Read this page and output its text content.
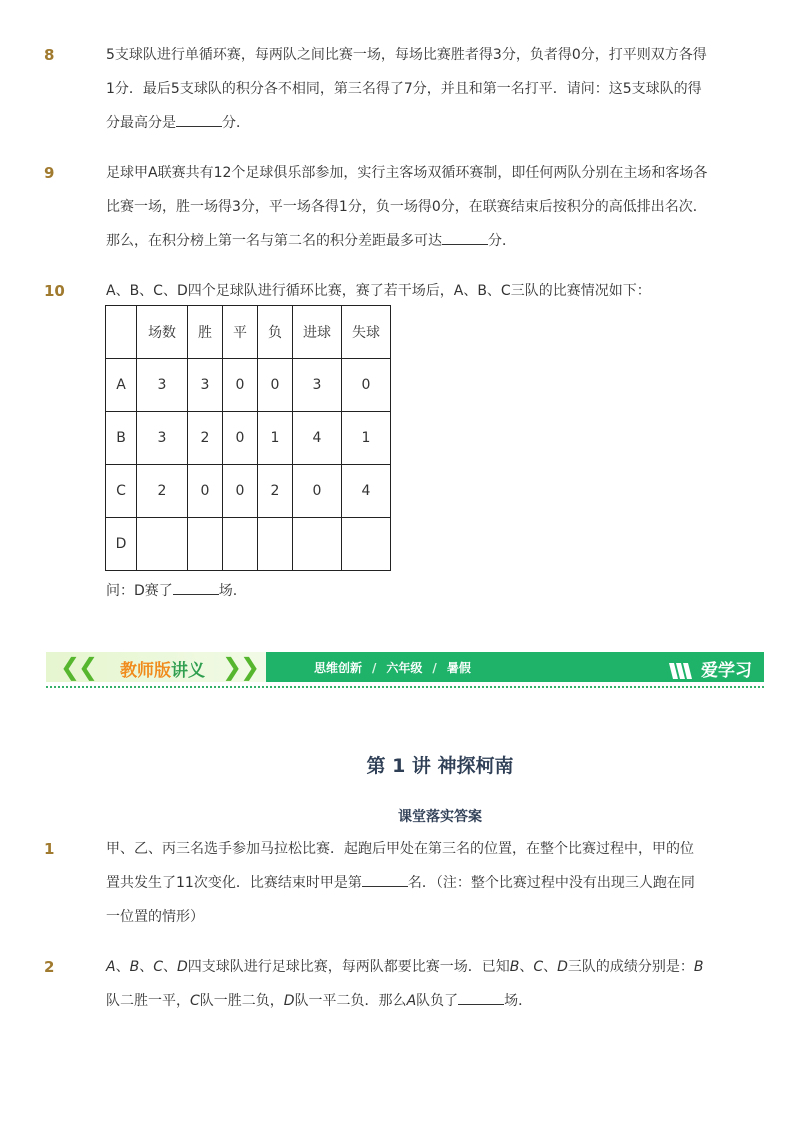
8	5支球队进行单循环赛，每两队之间比赛一场，每场比赛胜者得3分，负者得0分，打平则双方各得
1分．最后5支球队的积分各不相同，第三名得了7分，并且和第一名打平．请问：这5支球队的得
分最高分是	分．
9	足球甲A联赛共有12个足球俱乐部参加，实行主客场双循环赛制，即任何两队分别在主场和客场各
比赛一场，胜一场得3分，平一场各得1分，负一场得0分，在联赛结束后按积分的高低排出名次．
那么，在积分榜上第一名与第二名的积分差距最多可达	分．
10	A、B、C、D四个足球队进行循环比赛，赛了若干场后，A、B、C三队的比赛情况如下：
	场数	胜	平	负	进球	失球
A	3	3	0	0	3	0
B	3	2	0	1	4	1
C	2	0	0	2	0	4
D						
问：D赛了	场.
❮
❮ 教师版讲义 ❯
❯	思维创新 / 六年级 / 暑假	爱学习
第 1 讲 神探柯南
课堂落实答案
1	甲、乙、丙三名选手参加马拉松比赛．起跑后甲处在第三名的位置，在整个比赛过程中，甲的位
置共发生了11次变化．比赛结束时甲是第	名．（注：整个比赛过程中没有出现三人跑在同
一位置的情形）
2	A、B、C、D四支球队进行足球比赛，每两队都要比赛一场．已知B、C、D三队的成绩分别是：B
队二胜一平，C队一胜二负，D队一平二负．那么A队负了	场．
